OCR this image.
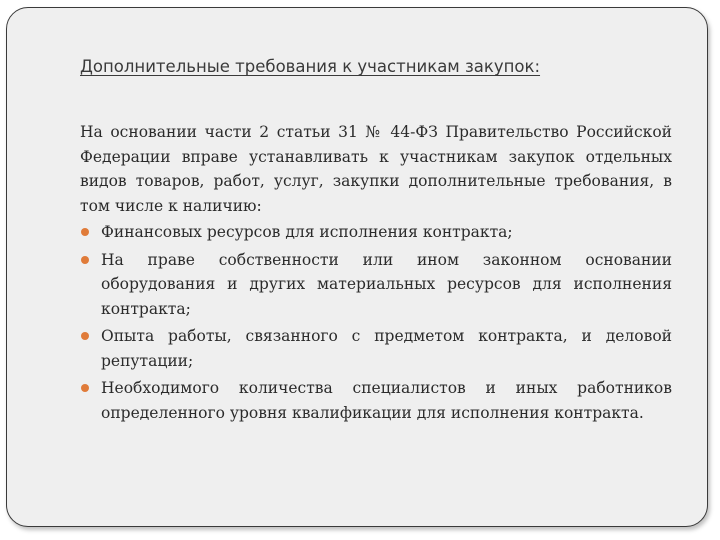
Дополнительные требования к участникам закупок:

На основании части 2 статьи 31 № 44-ФЗ Правительство Российской Федерации вправе устанавливать к участникам закупок отдельных видов товаров, работ, услуг, закупки дополнительные требования, в том числе к наличию:

Финансовых ресурсов для исполнения контракта;
На праве собственности или ином законном основании оборудования и других материальных ресурсов для исполнения контракта;
Опыта работы, связанного с предметом контракта, и деловой репутации;
Необходимого количества специалистов и иных работников определенного уровня квалификации для исполнения контракта.
